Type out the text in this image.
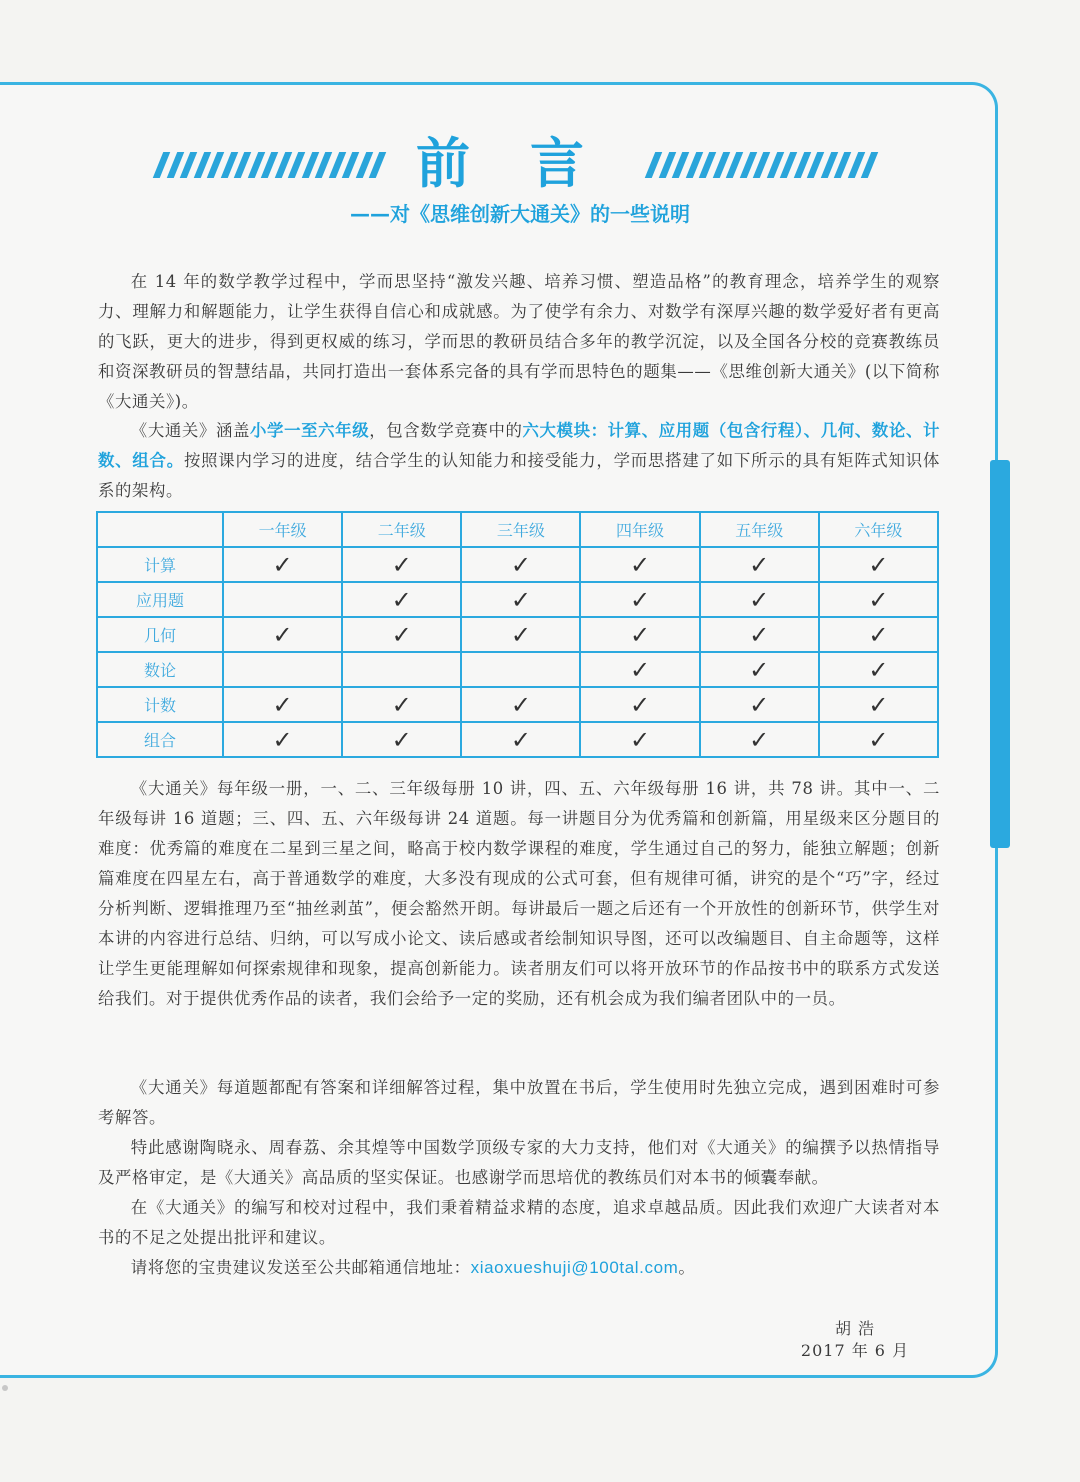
前言
——对《思维创新大通关》的一些说明
在 14 年的数学教学过程中，学而思坚持“激发兴趣、培养习惯、塑造品格”的教育理念，培养学生的观察力、理解力和解题能力，让学生获得自信心和成就感。为了使学有余力、对数学有深厚兴趣的数学爱好者有更高的飞跃，更大的进步，得到更权威的练习，学而思的教研员结合多年的教学沉淀，以及全国各分校的竞赛教练员和资深教研员的智慧结晶，共同打造出一套体系完备的具有学而思特色的题集——《思维创新大通关》(以下简称《大通关》)。
《大通关》涵盖小学一至六年级，包含数学竞赛中的六大模块：计算、应用题（包含行程）、几何、数论、计数、组合。按照课内学习的进度，结合学生的认知能力和接受能力，学而思搭建了如下所示的具有矩阵式知识体系的架构。
	一年级	二年级	三年级	四年级	五年级	六年级
计算	✓	✓	✓	✓	✓	✓
应用题		✓	✓	✓	✓	✓
几何	✓	✓	✓	✓	✓	✓
数论				✓	✓	✓
计数	✓	✓	✓	✓	✓	✓
组合	✓	✓	✓	✓	✓	✓
《大通关》每年级一册，一、二、三年级每册 10 讲，四、五、六年级每册 16 讲，共 78 讲。其中一、二年级每讲 16 道题；三、四、五、六年级每讲 24 道题。每一讲题目分为优秀篇和创新篇，用星级来区分题目的难度：优秀篇的难度在二星到三星之间，略高于校内数学课程的难度，学生通过自己的努力，能独立解题；创新篇难度在四星左右，高于普通数学的难度，大多没有现成的公式可套，但有规律可循，讲究的是个“巧”字，经过分析判断、逻辑推理乃至“抽丝剥茧”，便会豁然开朗。每讲最后一题之后还有一个开放性的创新环节，供学生对本讲的内容进行总结、归纳，可以写成小论文、读后感或者绘制知识导图，还可以改编题目、自主命题等，这样让学生更能理解如何探索规律和现象，提高创新能力。读者朋友们可以将开放环节的作品按书中的联系方式发送给我们。对于提供优秀作品的读者，我们会给予一定的奖励，还有机会成为我们编者团队中的一员。
《大通关》每道题都配有答案和详细解答过程，集中放置在书后，学生使用时先独立完成，遇到困难时可参考解答。
特此感谢陶晓永、周春荔、余其煌等中国数学顶级专家的大力支持，他们对《大通关》的编撰予以热情指导及严格审定，是《大通关》高品质的坚实保证。也感谢学而思培优的教练员们对本书的倾囊奉献。
在《大通关》的编写和校对过程中，我们秉着精益求精的态度，追求卓越品质。因此我们欢迎广大读者对本书的不足之处提出批评和建议。
请将您的宝贵建议发送至公共邮箱通信地址：xiaoxueshuji@100tal.com。
胡 浩
2017 年 6 月
